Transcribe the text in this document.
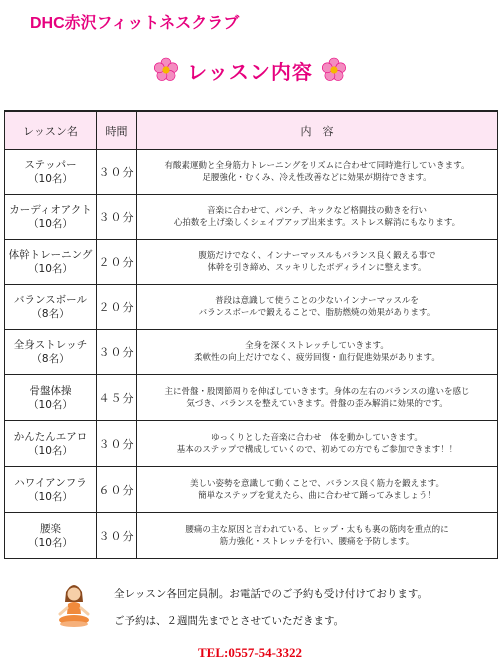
DHC赤沢フィットネスクラブ
レッスン内容
レッスン名	時間	内　容

ステッパー
（10名）	３０分	有酸素運動と全身筋力トレーニングをリズムに合わせて同時進行していきます。
足腰強化・むくみ、冷え性改善などに効果が期待できます。

カーディオアクト
（10名）	３０分	音楽に合わせて、パンチ、キックなど格闘技の動きを行い
心拍数を上げ楽しくシェイプアップ出来ます。ストレス解消にもなります。

体幹トレーニング
（10名）	２０分	腹筋だけでなく、インナーマッスルもバランス良く鍛える事で
体幹を引き締め、スッキリしたボディラインに整えます。

バランスボール
（8名）	２０分	普段は意識して使うことの少ないインナーマッスルを
バランスボールで鍛えることで、脂肪燃焼の効果があります。

全身ストレッチ
（8名）	３０分	全身を深くストレッチしていきます。
柔軟性の向上だけでなく、疲労回復・血行促進効果があります。

骨盤体操
（10名）	４５分	主に骨盤・股関節周りを伸ばしていきます。身体の左右のバランスの違いを感じ
気づき、バランスを整えていきます。骨盤の歪み解消に効果的です。

かんたんエアロ
（10名）	３０分	ゆっくりとした音楽に合わせ　体を動かしていきます。
基本のステップで構成していくので、初めての方でもご参加できます！！

ハワイアンフラ
（10名）	６０分	美しい姿勢を意識して動くことで、バランス良く筋力を鍛えます。
簡単なステップを覚えたら、曲に合わせて踊ってみましょう！

腰楽
（10名）	３０分	腰痛の主な原因と言われている、ヒップ・太もも裏の筋肉を重点的に
筋力強化・ストレッチを行い、腰痛を予防します。
全レッスン各回定員制。お電話でのご予約も受け付けております。
ご予約は、２週間先までとさせていただきます。
TEL:0557-54-3322
